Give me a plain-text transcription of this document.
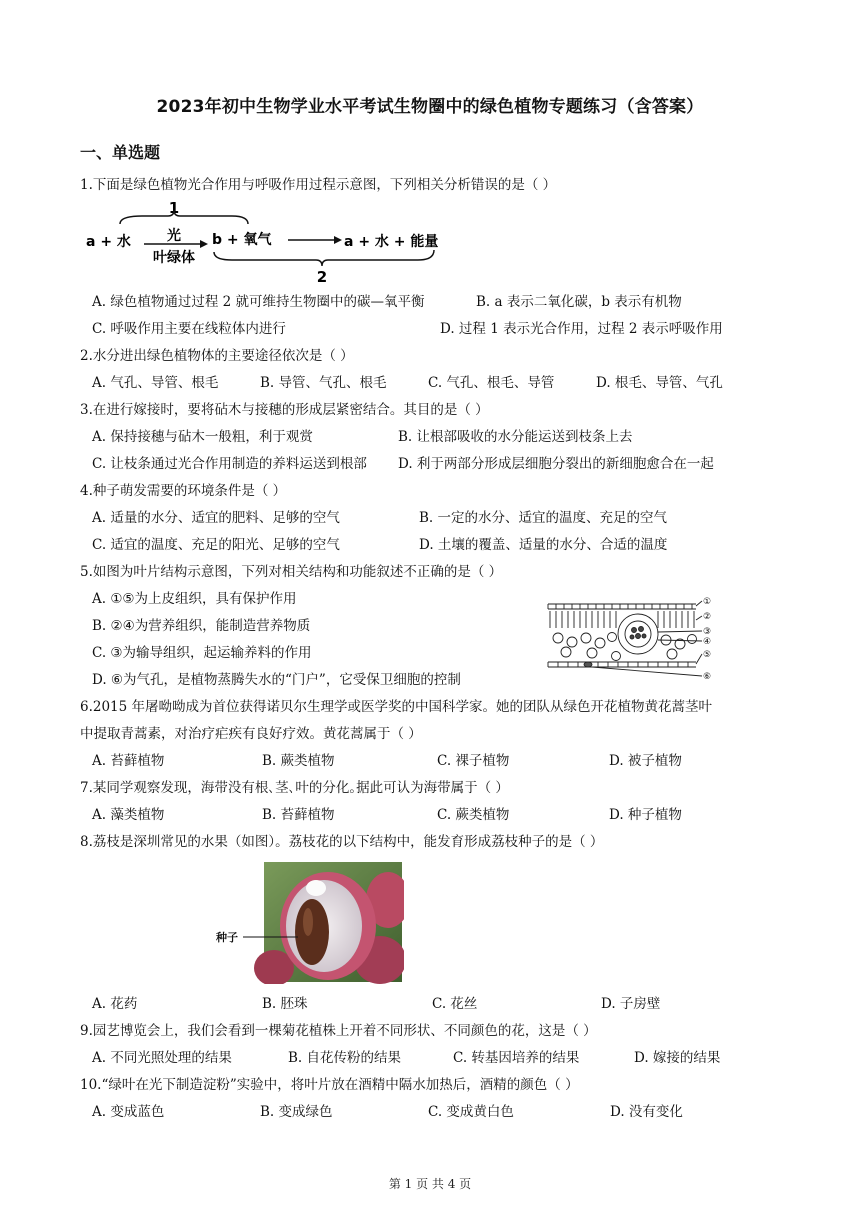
2023年初中生物学业水平考试生物圈中的绿色植物专题练习（含答案）
一、单选题
1.下面是绿色植物光合作用与呼吸作用过程示意图，下列相关分析错误的是（ ）
1
a + 水	光
叶绿体
b + 氧气	a + 水 + 能量
2
A. 绿色植物通过过程 2 就可维持生物圈中的碳—氧平衡	B. a 表示二氧化碳，b 表示有机物
C. 呼吸作用主要在线粒体内进行	D. 过程 1 表示光合作用，过程 2 表示呼吸作用
2.水分进出绿色植物体的主要途径依次是（ ）
A. 气孔、导管、根毛	B. 导管、气孔、根毛	C. 气孔、根毛、导管	D. 根毛、导管、气孔
3.在进行嫁接时，要将砧木与接穗的形成层紧密结合。其目的是（ ）
A. 保持接穗与砧木一般粗，利于观赏	B. 让根部吸收的水分能运送到枝条上去
C. 让枝条通过光合作用制造的养料运送到根部 D. 利于两部分形成层细胞分裂出的新细胞愈合在一起
4.种子萌发需要的环境条件是（ ）
A. 适量的水分、适宜的肥料、足够的空气	B. 一定的水分、适宜的温度、充足的空气
C. 适宜的温度、充足的阳光、足够的空气	D. 土壤的覆盖、适量的水分、合适的温度
5.如图为叶片结构示意图，下列对相关结构和功能叙述不正确的是（ ）
A. ①⑤为上皮组织，具有保护作用
B. ②④为营养组织，能制造营养物质
C. ③为输导组织，起运输养料的作用
D. ⑥为气孔，是植物蒸腾失水的“门户”，它受保卫细胞的控制
①
②
③
④
⑤
⑥
6.2015 年屠呦呦成为首位获得诺贝尔生理学或医学奖的中国科学家。她的团队从绿色开花植物黄花蒿茎叶
中提取青蒿素，对治疗疟疾有良好疗效。黄花蒿属于（ ）
A. 苔藓植物	B. 蕨类植物	C. 裸子植物	D. 被子植物
7.某同学观察发现，海带没有根､茎､叶的分化｡据此可认为海带属于（ ）
A. 藻类植物	B. 苔藓植物	C. 蕨类植物	D. 种子植物
8.荔枝是深圳常见的水果（如图）。荔枝花的以下结构中，能发育形成荔枝种子的是（ ）
种子
A. 花药	B. 胚珠	C. 花丝	D. 子房壁
9.园艺博览会上，我们会看到一棵菊花植株上开着不同形状、不同颜色的花，这是（ ）
A. 不同光照处理的结果	B. 自花传粉的结果	C. 转基因培养的结果	D. 嫁接的结果
10.“绿叶在光下制造淀粉”实验中，将叶片放在酒精中隔水加热后，酒精的颜色（ ）
A. 变成蓝色	B. 变成绿色	C. 变成黄白色	D. 没有变化
第 1 页 共 4 页
